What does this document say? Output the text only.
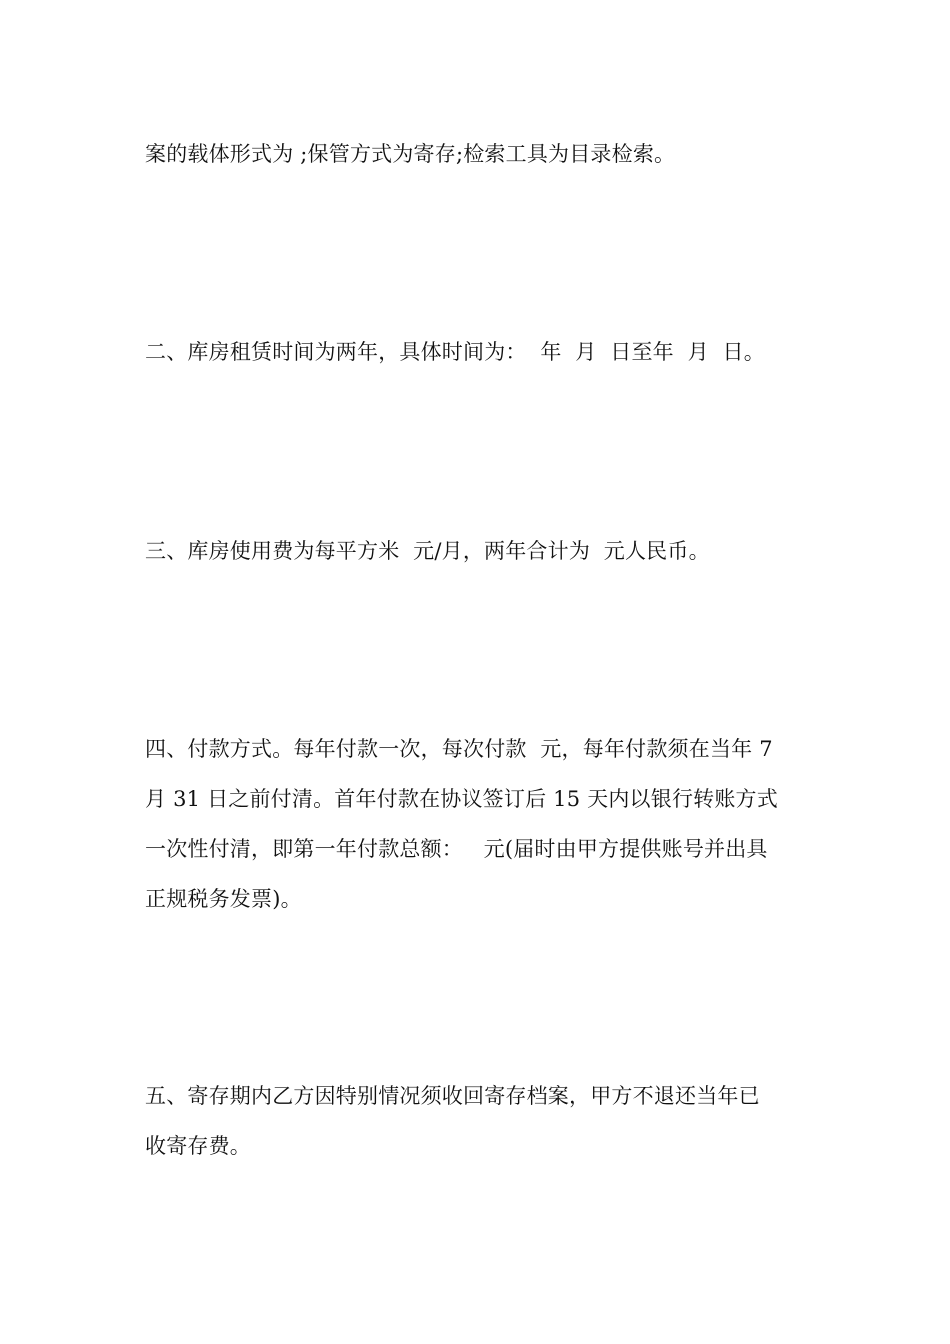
案的载体形式为 ;保管方式为寄存;检索工具为目录检索。
二、库房租赁时间为两年，具体时间为：  年  月  日至年  月  日。
三、库房使用费为每平方米  元/月，两年合计为  元人民币。
四、付款方式。每年付款一次，每次付款  元，每年付款须在当年 7
月 31 日之前付清。首年付款在协议签订后 15 天内以银行转账方式
一次性付清，即第一年付款总额：   元(届时由甲方提供账号并出具
正规税务发票)。
五、寄存期内乙方因特别情况须收回寄存档案，甲方不退还当年已
收寄存费。
